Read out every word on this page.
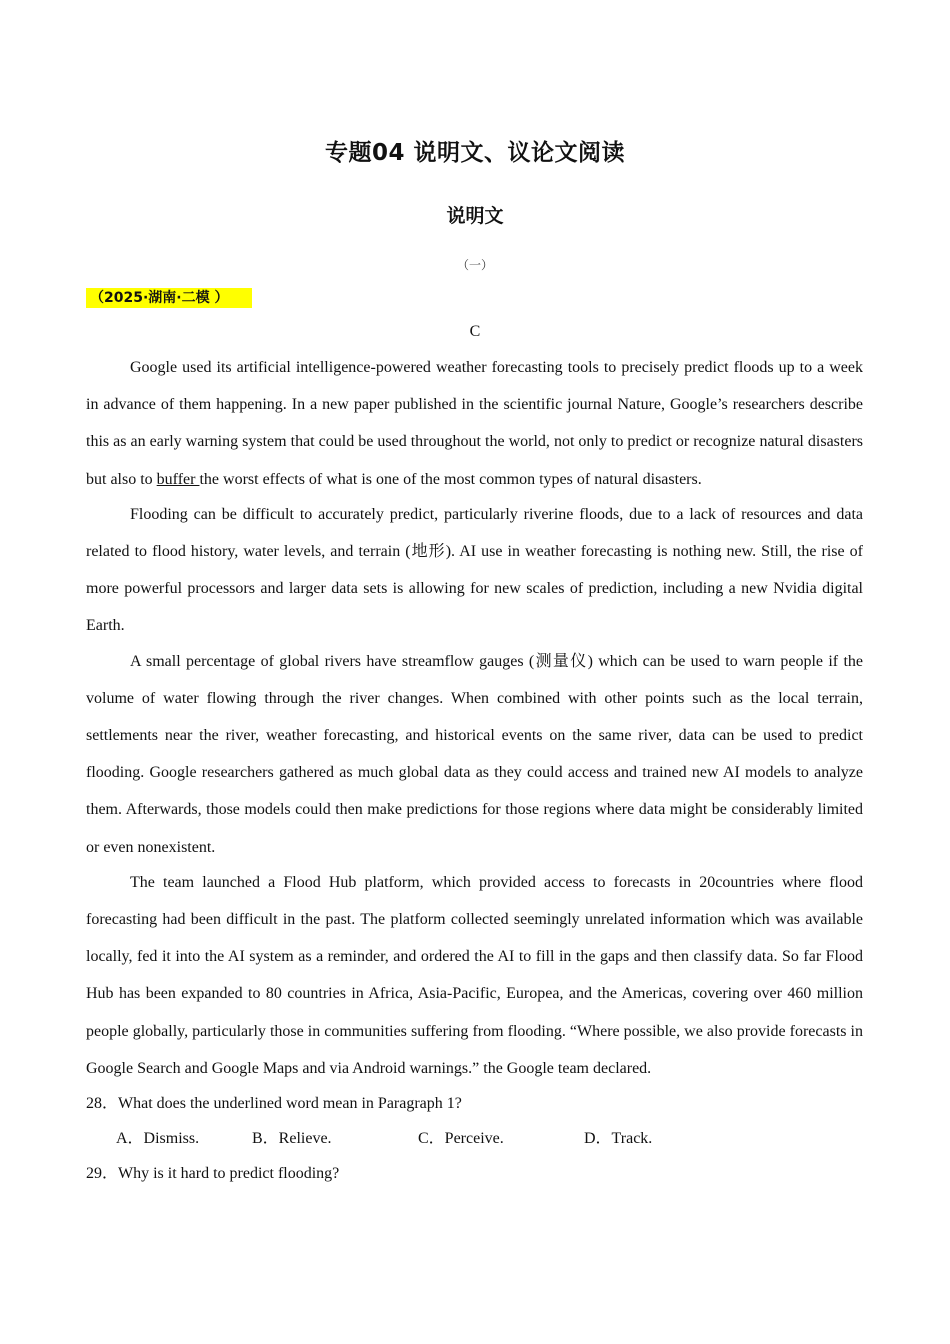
专题04 说明文、议论文阅读
说明文
（一）
（2025·湖南·二模 ）
C

Google used its artificial intelligence-powered weather forecasting tools to precisely predict floods up to a week in advance of them happening. In a new paper published in the scientific journal Nature, Google’s researchers describe this as an early warning system that could be used throughout the world, not only to predict or recognize natural disasters but also to buffer the worst effects of what is one of the most common types of natural disasters.

Flooding can be difficult to accurately predict, particularly riverine floods, due to a lack of resources and data related to flood history, water levels, and terrain (地形). AI use in weather forecasting is nothing new. Still, the rise of more powerful processors and larger data sets is allowing for new scales of prediction, including a new Nvidia digital Earth.

A small percentage of global rivers have streamflow gauges (测量仪) which can be used to warn people if the volume of water flowing through the river changes. When combined with other points such as the local terrain, settlements near the river, weather forecasting, and historical events on the same river, data can be used to predict flooding. Google researchers gathered as much global data as they could access and trained new AI models to analyze them. Afterwards, those models could then make predictions for those regions where data might be considerably limited or even nonexistent.

The team launched a Flood Hub platform, which provided access to forecasts in 20countries where flood forecasting had been difficult in the past. The platform collected seemingly unrelated information which was available locally, fed it into the AI system as a reminder, and ordered the AI to fill in the gaps and then classify data. So far Flood Hub has been expanded to 80 countries in Africa, Asia-Pacific, Europea, and the Americas, covering over 460 million people globally, particularly those in communities suffering from flooding. “Where possible, we also provide forecasts in Google Search and Google Maps and via Android warnings.” the Google team declared.

28．What does the underlined word mean in Paragraph 1?
A．Dismiss.	B．Relieve.	C．Perceive.	D．Track.
29．Why is it hard to predict flooding?
